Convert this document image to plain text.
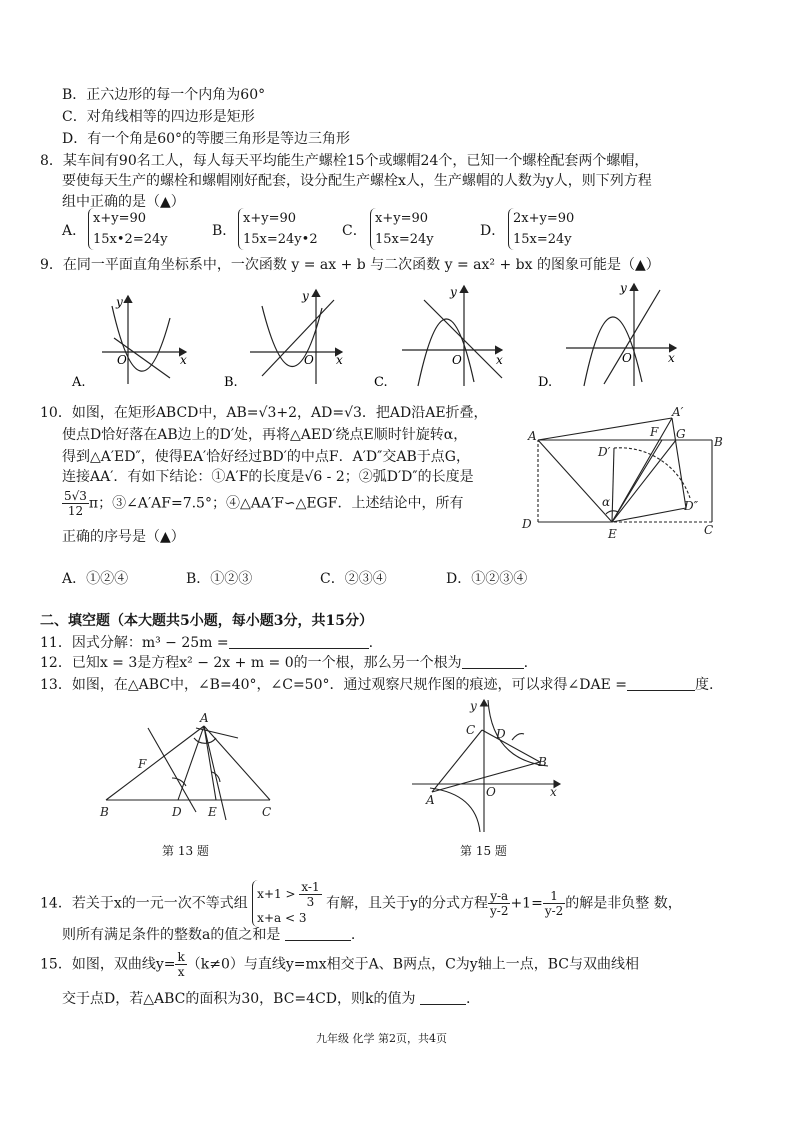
B．正六边形的每一个内角为60°
C．对角线相等的四边形是矩形
D．有一个角是60°的等腰三角形是等边三角形
8．某车间有90名工人，每人每天平均能生产螺栓15个或螺帽24个，已知一个螺栓配套两个螺帽，
要使每天生产的螺栓和螺帽刚好配套，设分配生产螺栓x人，生产螺帽的人数为y人，则下列方程
组中正确的是（▲）
A．
x+y=90
15x•2=24y
B．
x+y=90
15x=24y•2
C．
x+y=90
15x=24y
D．
2x+y=90
15x=24y
9．在同一平面直角坐标系中，一次函数 y = ax + b 与二次函数 y = ax² + bx 的图象可能是（▲）
y
x
O
A.
y
x
O
B.
y
x
O
C.
y
x
O
D.
10．如图，在矩形ABCD中，AB=√3+2，AD=√3．把AD沿AE折叠，
使点D恰好落在AB边上的D′处，再将△AED′绕点E顺时针旋转α，
得到△A′ED″，使得EA′恰好经过BD′的中点F．A′D″交AB于点G，
连接AA′．有如下结论：①A′F的长度是√6 - 2；②弧D′D″的长度是
$\frac{5√3}{12}$ π；③∠A′AF=7.5°；④△AA′F∽△EGF．上述结论中，所有
正确的序号是（▲）
A．①②④	B．①②③	C．②③④	D．①②③④
A
A′
F G
B
D′
α	D″
D
E	C
二、填空题（本大题共5小题，每小题3分，共15分）
11．因式分解：m³ − 25m =	.
12．已知x = 3是方程x² − 2x + m = 0的一个根，那么另一个根为	.
13．如图，在△ABC中，∠B=40°，∠C=50°．通过观察尺规作图的痕迹，可以求得∠DAE =	度.
A
F
B	D E	C
第 13 题
y
C D
B
A
O	x
第 15 题
14．若关于x的一元一次不等式组
$x+1 > \frac{x-1}{3}$
x+a < 3
有解，且关于y的分式方程 $\frac{y-a}{y-2} +1= \frac{1}{y-2}$ 的解是非负整 数，
则所有满足条件的整数a的值之和是	.
15．如图，双曲线$y= \frac{k}{x} (k\ne 0)$与直线y=mx相交于A、B两点，C为y轴上一点，BC与双曲线相
交于点D，若△ABC的面积为30，BC=4CD，则k的值为	.
九年级 化学 第2页，共4页
